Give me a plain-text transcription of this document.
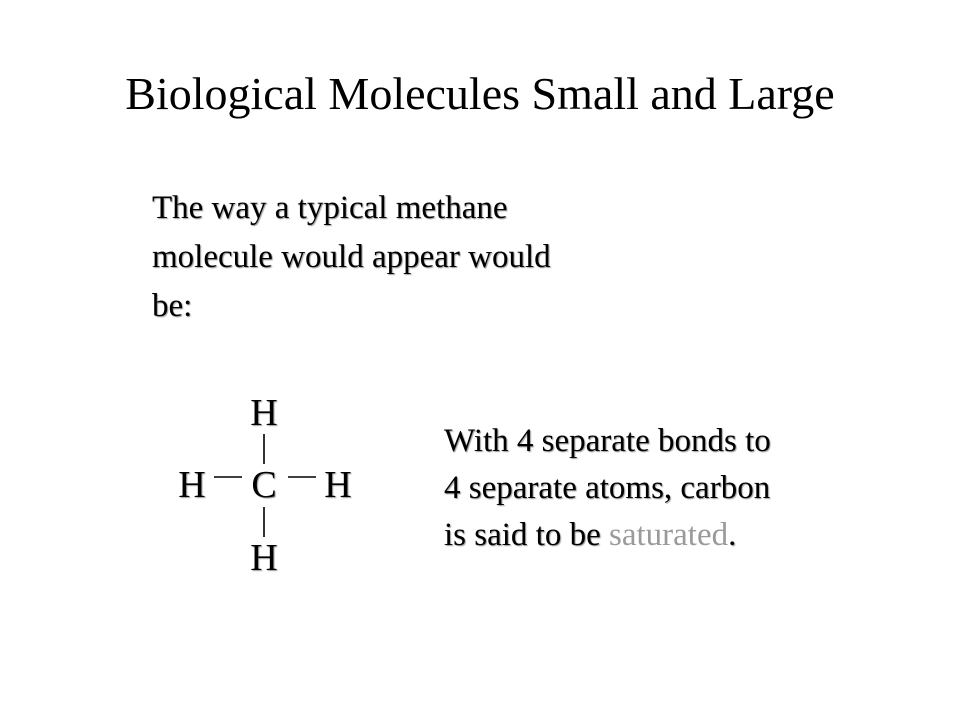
Biological Molecules Small and Large
The way a typical methane
molecule would appear would
be:
H
H C H
H
With 4 separate bonds to
4 separate atoms, carbon
is said to be saturated.
